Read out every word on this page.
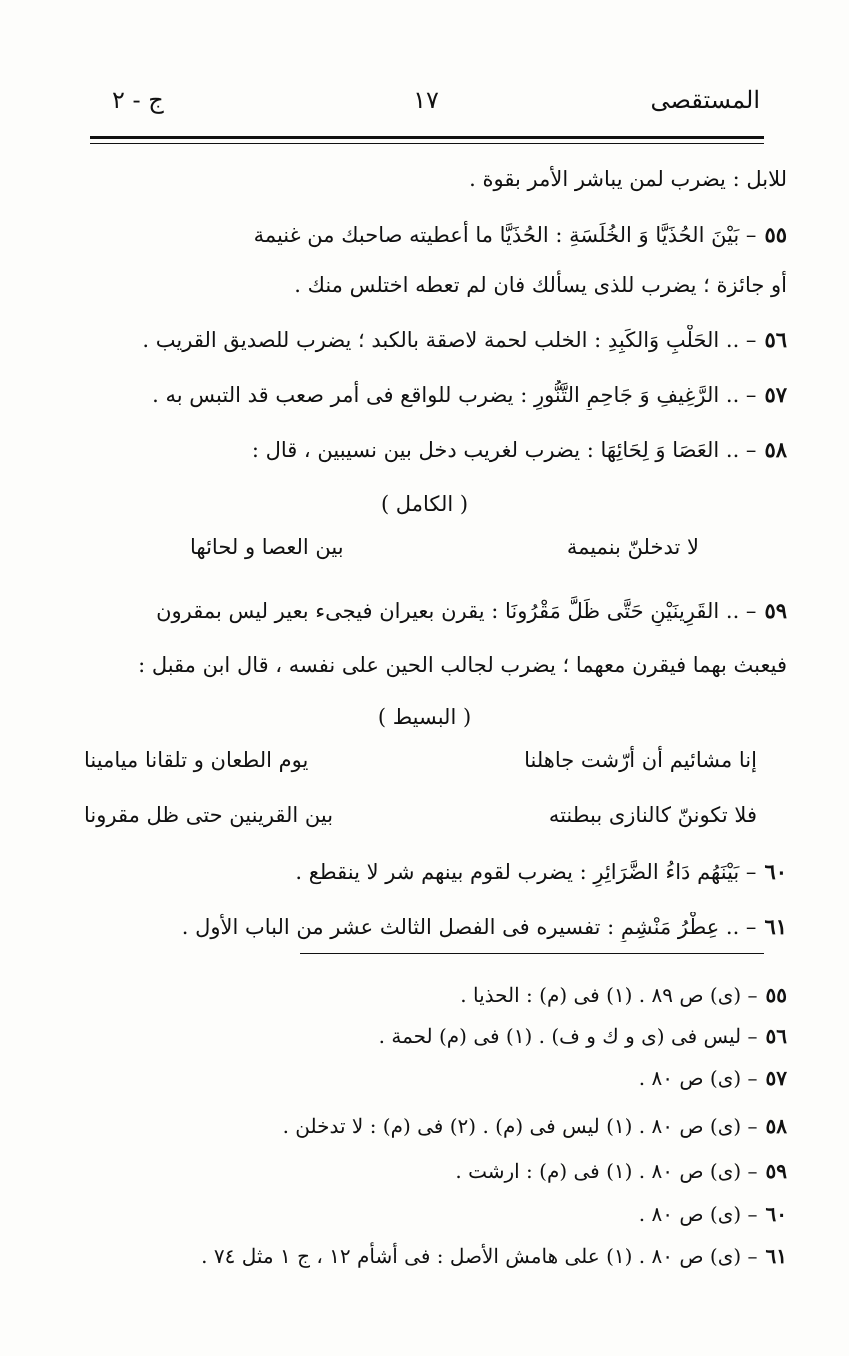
المستقصى
١٧
ج - ٢
للابل : يضرب لمن يباشر الأمر بقوة .
٥٥– بَيْنَ الحُذَيَّا وَ الخُلَسَةِ : الحُذَيَّا ما أعطيته صاحبك من غنيمة
أو جائزة ؛ يضرب للذى يسألك فان لم تعطه اختلس منك .
٥٦– .. الحَلْبِ وَالكَبِدِ : الخلب لحمة لاصقة بالكبد ؛ يضرب للصديق القريب .
٥٧– .. الرَّغِيفِ وَ جَاحِمِ التَّنُّورِ : يضرب للواقع فى أمر صعب قد التبس به .
٥٨– .. العَصَا وَ لِحَائِهَا : يضرب لغريب دخل بين نسيبين ، قال :
( الكامل )
لا تدخلنّ بنميمة
بين العصا و لحائها
٥٩– .. القَرِينَيْنِ حَتَّى ظَلَّ مَقْرُونَا : يقرن بعيران فيجىء بعير ليس بمقرون
فيعبث بهما فيقرن معهما ؛ يضرب لجالب الحين على نفسه ، قال ابن مقبل :
( البسيط )
إنا مشائيم أن أرّشت جاهلنا
يوم الطعان و تلقانا ميامينا
فلا تكوننّ كالنازى ببطنته
بين القرينين حتى ظل مقرونا
٦٠– بَيْنَهُم دَاءُ الضَّرَائِرِ : يضرب لقوم بينهم شر لا ينقطع .
٦١– .. عِطْرُ مَنْشِمِ : تفسيره فى الفصل الثالث عشر من الباب الأول .
٥٥– (ى) ص ٨٩ . (١) فى (م) : الحذيا .
٥٦– ليس فى (ى و ك و ف) . (١) فى (م) لحمة .
٥٧– (ى) ص ٨٠ .
٥٨– (ى) ص ٨٠ . (١) ليس فى (م) . (٢) فى (م) : لا تدخلن .
٥٩– (ى) ص ٨٠ . (١) فى (م) : ارشت .
٦٠– (ى) ص ٨٠ .
٦١– (ى) ص ٨٠ . (١) على هامش الأصل : فى أشأم ١٢ ، ج ١ مثل ٧٤ .
